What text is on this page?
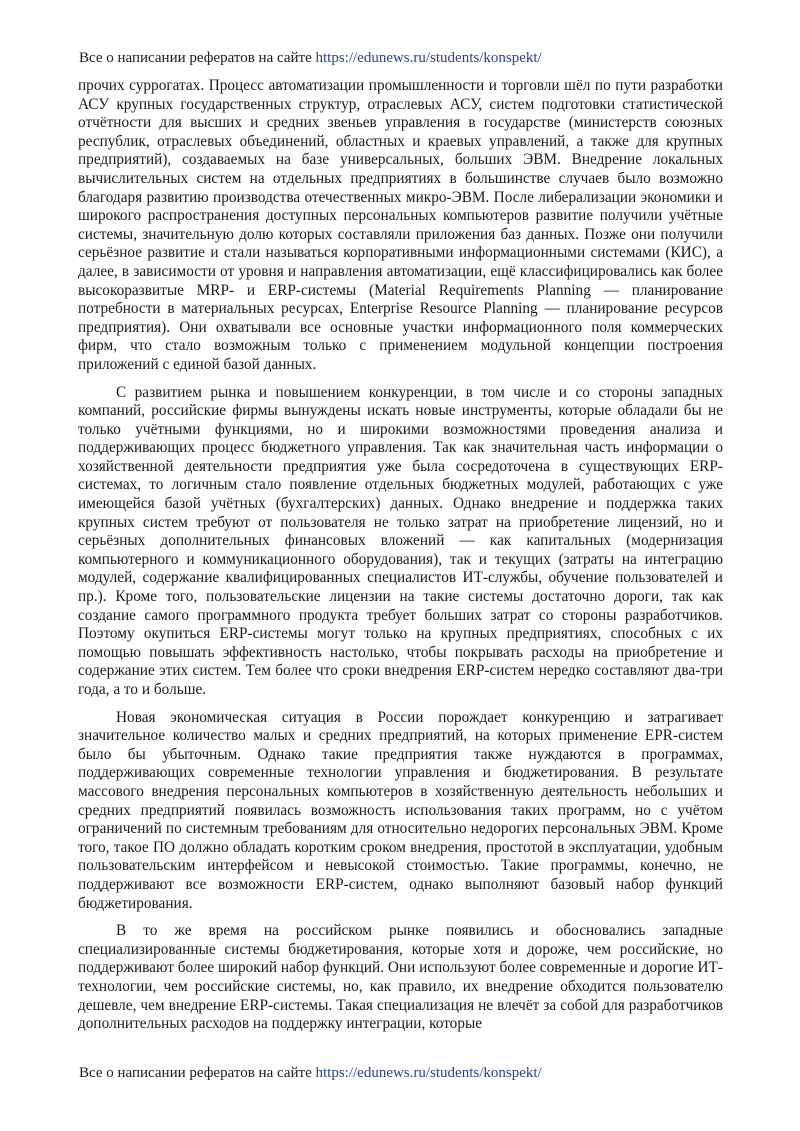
Все о написании рефератов на сайте https://edunews.ru/students/konspekt/

прочих суррогатах. Процесс автоматизации промышленности и торговли шёл по пути разработки АСУ крупных государственных структур, отраслевых АСУ, систем подготовки статистической отчётности для высших и средних звеньев управления в государстве (министерств союзных республик, отраслевых объединений, областных и краевых управлений, а также для крупных предприятий), создаваемых на базе универсальных, больших ЭВМ. Внедрение локальных вычислительных систем на отдельных предприятиях в большинстве случаев было возможно благодаря развитию производства отечественных микро-ЭВМ. После либерализации экономики и широкого распространения доступных персональных компьютеров развитие получили учётные системы, значительную долю которых составляли приложения баз данных. Позже они получили серьёзное развитие и стали называться корпоративными информационными системами (КИС), а далее, в зависимости от уровня и направления автоматизации, ещё классифицировались как более высокоразвитые MRP- и ERP-системы (Material Requirements Planning — планирование потребности в материальных ресурсах, Enterprise Resource Planning — планирование ресурсов предприятия). Они охватывали все основные участки информационного поля коммерческих фирм, что стало возможным только с применением модульной концепции построения приложений с единой базой данных.

С развитием рынка и повышением конкуренции, в том числе и со стороны западных компаний, российские фирмы вынуждены искать новые инструменты, которые обладали бы не только учётными функциями, но и широкими возможностями проведения анализа и поддерживающих процесс бюджетного управления. Так как значительная часть информации о хозяйственной деятельности предприятия уже была сосредоточена в существующих ERP-системах, то логичным стало появление отдельных бюджетных модулей, работающих с уже имеющейся базой учётных (бухгалтерских) данных. Однако внедрение и поддержка таких крупных систем требуют от пользователя не только затрат на приобретение лицензий, но и серьёзных дополнительных финансовых вложений — как капитальных (модернизация компьютерного и коммуникационного оборудования), так и текущих (затраты на интеграцию модулей, содержание квалифицированных специалистов ИТ-службы, обучение пользователей и пр.). Кроме того, пользовательские лицензии на такие системы достаточно дороги, так как создание самого программного продукта требует больших затрат со стороны разработчиков. Поэтому окупиться ERP-системы могут только на крупных предприятиях, способных с их помощью повышать эффективность настолько, чтобы покрывать расходы на приобретение и содержание этих систем. Тем более что сроки внедрения ERP-систем нередко составляют два-три года, а то и больше.

Новая экономическая ситуация в России порождает конкуренцию и затрагивает значительное количество малых и средних предприятий, на которых применение EPR-систем было бы убыточным. Однако такие предприятия также нуждаются в программах, поддерживающих современные технологии управления и бюджетирования. В результате массового внедрения персональных компьютеров в хозяйственную деятельность небольших и средних предприятий появилась возможность использования таких программ, но с учётом ограничений по системным требованиям для относительно недорогих персональных ЭВМ. Кроме того, такое ПО должно обладать коротким сроком внедрения, простотой в эксплуатации, удобным пользовательским интерфейсом и невысокой стоимостью. Такие программы, конечно, не поддерживают все возможности ERP-систем, однако выполняют базовый набор функций бюджетирования.

В то же время на российском рынке появились и обосновались западные специализированные системы бюджетирования, которые хотя и дороже, чем российские, но поддерживают более широкий набор функций. Они используют более современные и дорогие ИТ-технологии, чем российские системы, но, как правило, их внедрение обходится пользователю дешевле, чем внедрение ERP-системы. Такая специализация не влечёт за собой для разработчиков дополнительных расходов на поддержку интеграции, которые

Все о написании рефератов на сайте https://edunews.ru/students/konspekt/
